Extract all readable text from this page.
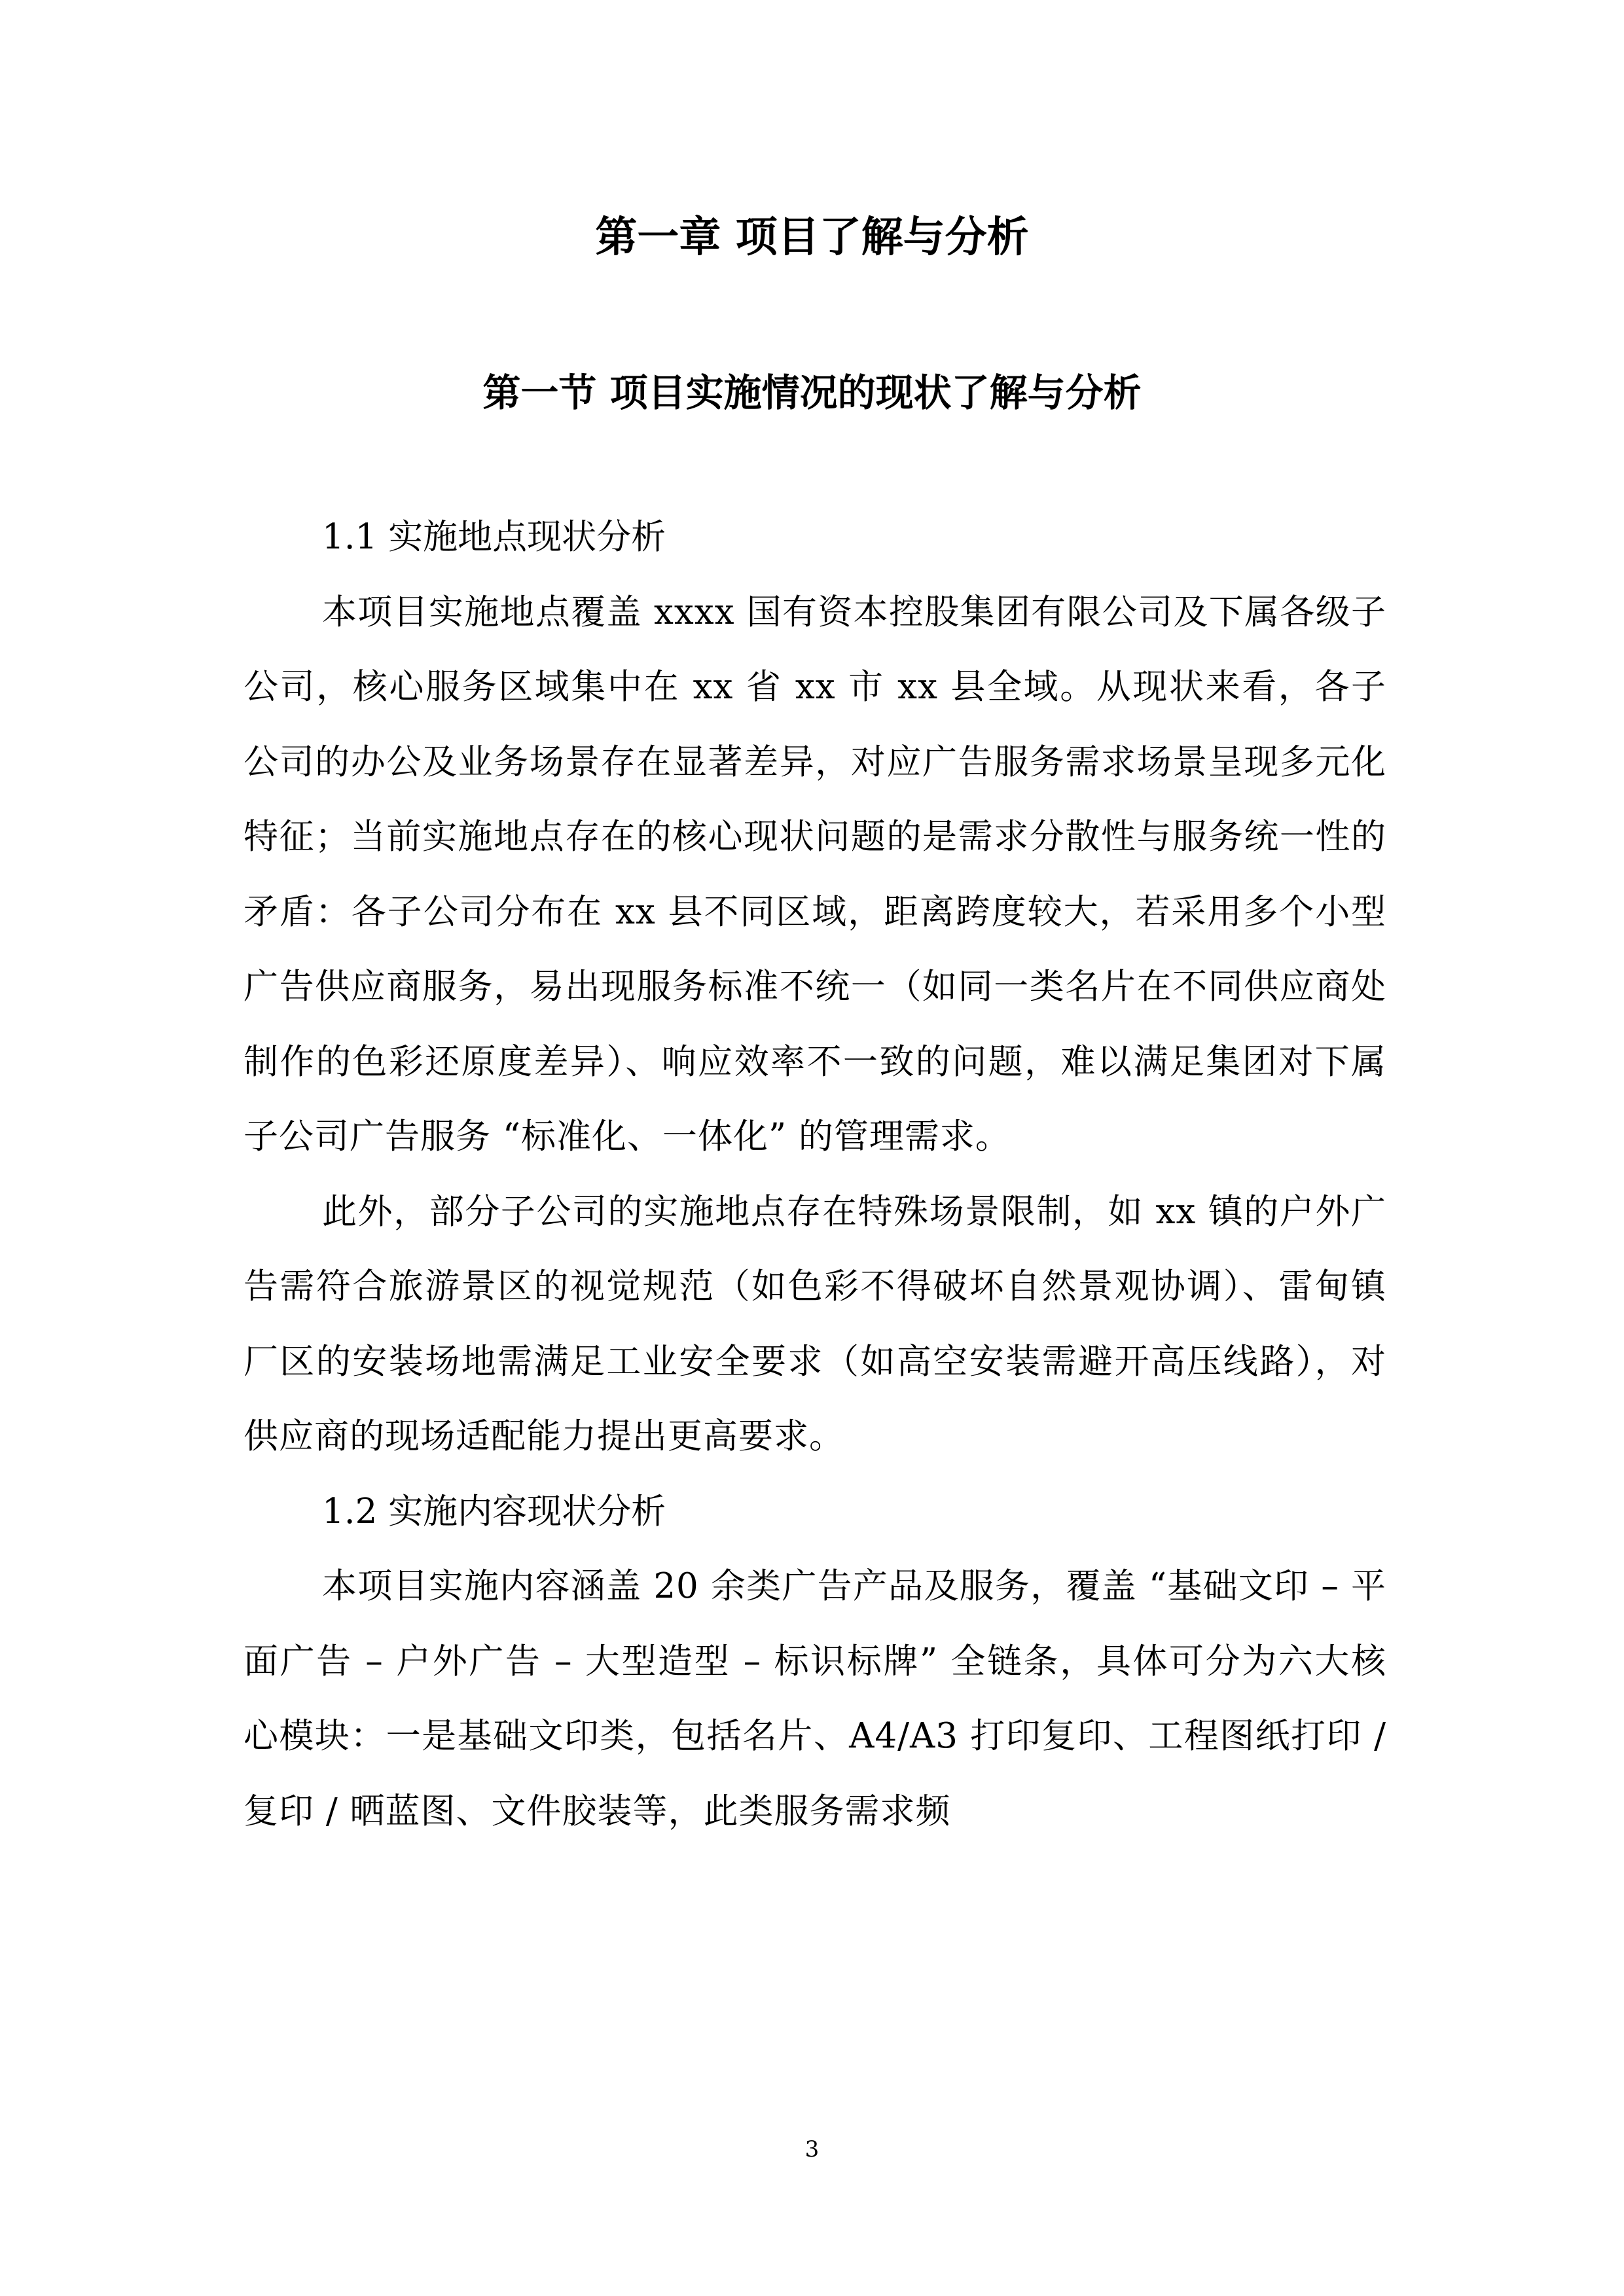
第一章 项目了解与分析
第一节 项目实施情况的现状了解与分析

1.1 实施地点现状分析

本项目实施地点覆盖 xxxx 国有资本控股集团有限公司及下属各级子公司，核心服务区域集中在 xx 省 xx 市 xx 县全域。从现状来看，各子公司的办公及业务场景存在显著差异，对应广告服务需求场景呈现多元化特征；当前实施地点存在的核心现状问题的是需求分散性与服务统一性的矛盾：各子公司分布在 xx 县不同区域，距离跨度较大，若采用多个小型广告供应商服务，易出现服务标准不统一（如同一类名片在不同供应商处制作的色彩还原度差异）、响应效率不一致的问题，难以满足集团对下属子公司广告服务 “标准化、一体化” 的管理需求。

此外，部分子公司的实施地点存在特殊场景限制，如 xx 镇的户外广告需符合旅游景区的视觉规范（如色彩不得破坏自然景观协调）、雷甸镇厂区的安装场地需满足工业安全要求（如高空安装需避开高压线路），对供应商的现场适配能力提出更高要求。

1.2 实施内容现状分析

本项目实施内容涵盖 20 余类广告产品及服务，覆盖 “基础文印 – 平面广告 – 户外广告 – 大型造型 – 标识标牌” 全链条，具体可分为六大核心模块：一是基础文印类，包括名片、A4/A3 打印复印、工程图纸打印 / 复印 / 晒蓝图、文件胶装等，此类服务需求频

3
